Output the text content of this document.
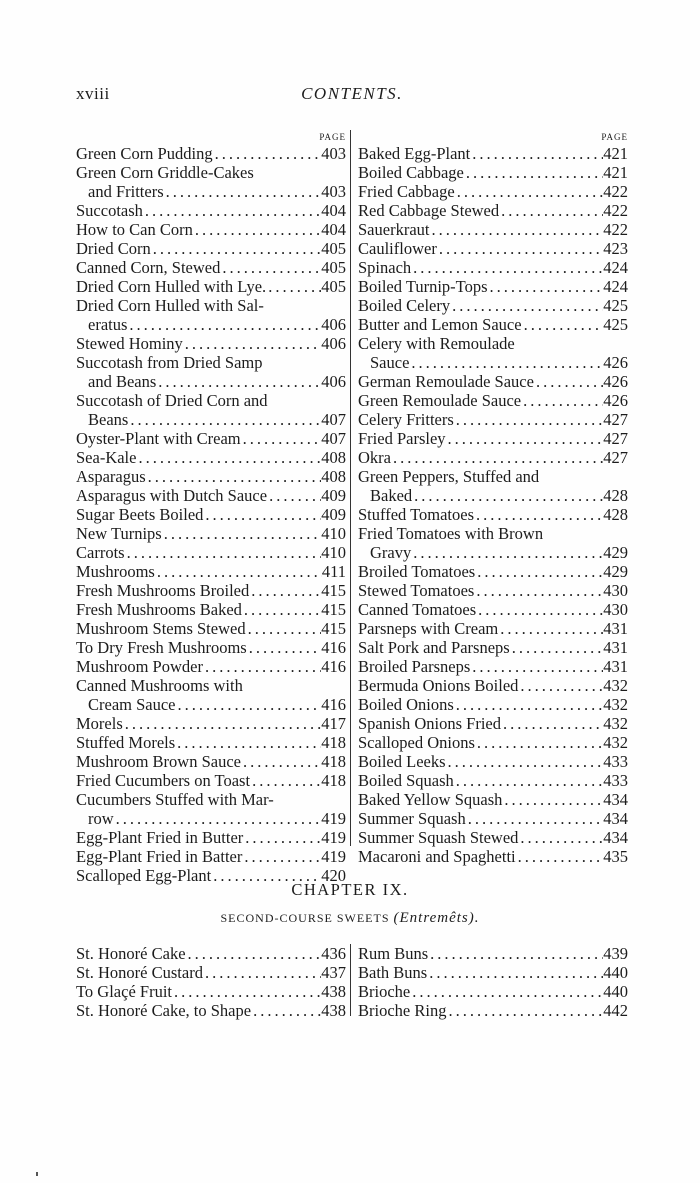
xviii	CONTENTS.
PAGE
Green Corn Pudding .....	403
Green Corn Griddle-Cakes
and Fritters .....	403
Succotash .....	404
How to Can Corn .....	404
Dried Corn .....	405
Canned Corn, Stewed .....	405
Dried Corn Hulled with Lye. .....	405
Dried Corn Hulled with Sal-
eratus .....	406
Stewed Hominy .....	406
Succotash from Dried Samp
and Beans .....	406
Succotash of Dried Corn and
Beans .....	407
Oyster-Plant with Cream .....	407
Sea-Kale .....	408
Asparagus .....	408
Asparagus with Dutch Sauce .....	409
Sugar Beets Boiled .....	409
New Turnips .....	410
Carrots .....	410
Mushrooms .....	411
Fresh Mushrooms Broiled .....	415
Fresh Mushrooms Baked .....	415
Mushroom Stems Stewed .....	415
To Dry Fresh Mushrooms .....	416
Mushroom Powder .....	416
Canned Mushrooms with
Cream Sauce .....	416
Morels .....	417
Stuffed Morels .....	418
Mushroom Brown Sauce .....	418
Fried Cucumbers on Toast .....	418
Cucumbers Stuffed with Mar-
row .....	419
Egg-Plant Fried in Butter .....	419
Egg-Plant Fried in Batter .....	419
Scalloped Egg-Plant .....	420
PAGE
Baked Egg-Plant .....	421
Boiled Cabbage .....	421
Fried Cabbage .....	422
Red Cabbage Stewed .....	422
Sauerkraut .....	422
Cauliflower .....	423
Spinach .....	424
Boiled Turnip-Tops .....	424
Boiled Celery .....	425
Butter and Lemon Sauce .....	425
Celery with Remoulade
Sauce .....	426
German Remoulade Sauce .....	426
Green Remoulade Sauce .....	426
Celery Fritters .....	427
Fried Parsley .....	427
Okra .....	427
Green Peppers, Stuffed and
Baked .....	428
Stuffed Tomatoes .....	428
Fried Tomatoes with Brown
Gravy .....	429
Broiled Tomatoes .....	429
Stewed Tomatoes .....	430
Canned Tomatoes .....	430
Parsneps with Cream .....	431
Salt Pork and Parsneps .....	431
Broiled Parsneps .....	431
Bermuda Onions Boiled .....	432
Boiled Onions .....	432
Spanish Onions Fried .....	432
Scalloped Onions .....	432
Boiled Leeks .....	433
Boiled Squash .....	433
Baked Yellow Squash .....	434
Summer Squash .....	434
Summer Squash Stewed .....	434
Macaroni and Spaghetti .....	435
CHAPTER IX.
SECOND-COURSE SWEETS (Entremêts).
St. Honoré Cake .....	436
St. Honoré Custard .....	437
To Glaçé Fruit .....	438
St. Honoré Cake, to Shape .....	438
Rum Buns .....	439
Bath Buns .....	440
Brioche .....	440
Brioche Ring .....	442
